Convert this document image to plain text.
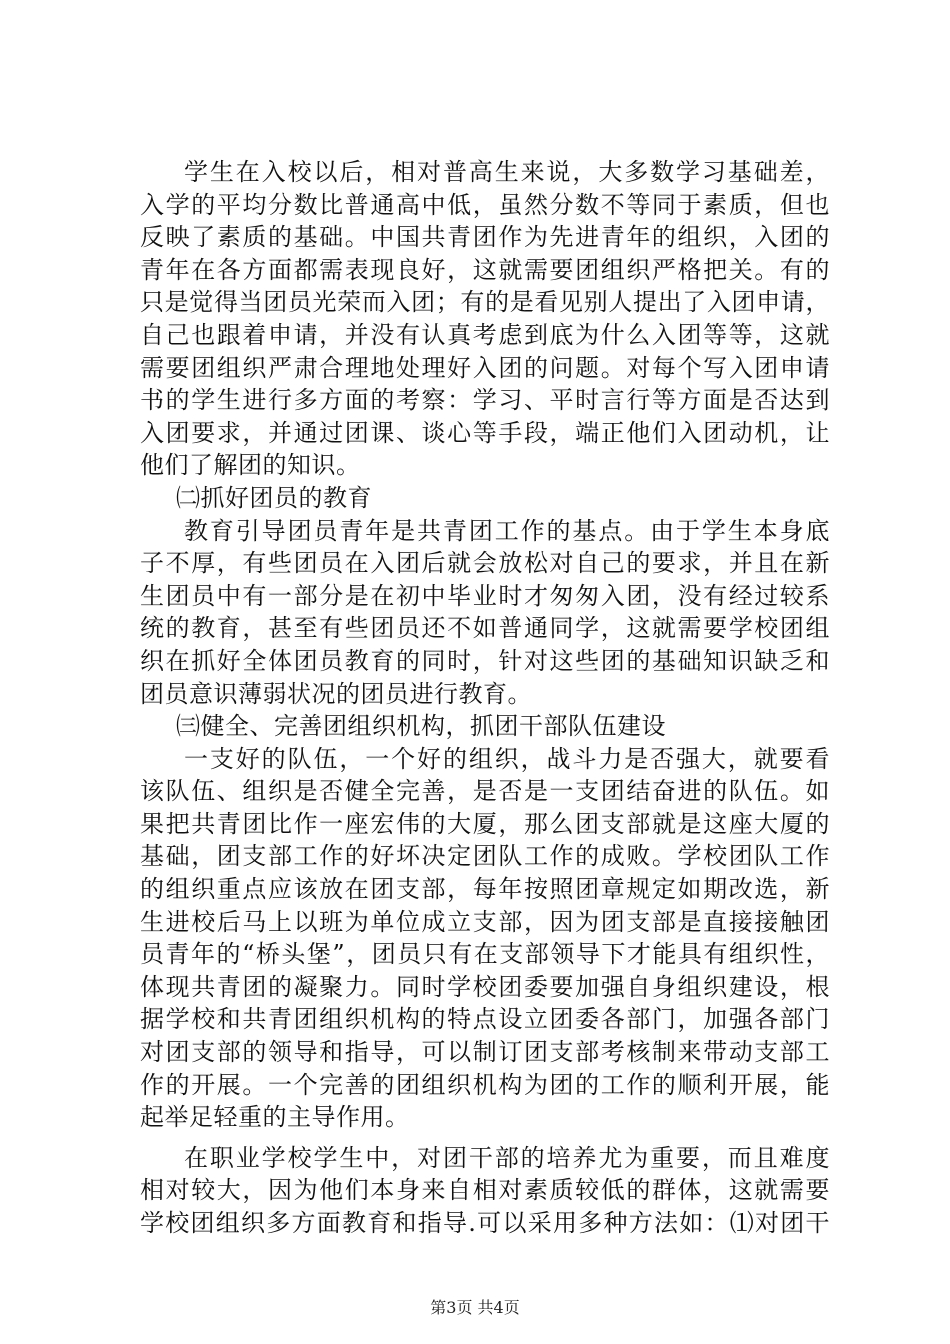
学生在入校以后，相对普高生来说，大多数学习基础差，
入学的平均分数比普通高中低，虽然分数不等同于素质，但也
反映了素质的基础。中国共青团作为先进青年的组织，入团的
青年在各方面都需表现良好，这就需要团组织严格把关。有的
只是觉得当团员光荣而入团；有的是看见别人提出了入团申请，
自己也跟着申请，并没有认真考虑到底为什么入团等等，这就
需要团组织严肃合理地处理好入团的问题。对每个写入团申请
书的学生进行多方面的考察：学习、平时言行等方面是否达到
入团要求，并通过团课、谈心等手段，端正他们入团动机，让
他们了解团的知识。
㈡抓好团员的教育
教育引导团员青年是共青团工作的基点。由于学生本身底
子不厚，有些团员在入团后就会放松对自己的要求，并且在新
生团员中有一部分是在初中毕业时才匆匆入团，没有经过较系
统的教育，甚至有些团员还不如普通同学，这就需要学校团组
织在抓好全体团员教育的同时，针对这些团的基础知识缺乏和
团员意识薄弱状况的团员进行教育。
㈢健全、完善团组织机构，抓团干部队伍建设
一支好的队伍，一个好的组织，战斗力是否强大，就要看
该队伍、组织是否健全完善，是否是一支团结奋进的队伍。如
果把共青团比作一座宏伟的大厦，那么团支部就是这座大厦的
基础，团支部工作的好坏决定团队工作的成败。学校团队工作
的组织重点应该放在团支部，每年按照团章规定如期改选，新
生进校后马上以班为单位成立支部，因为团支部是直接接触团
员青年的“桥头堡”，团员只有在支部领导下才能具有组织性，
体现共青团的凝聚力。同时学校团委要加强自身组织建设，根
据学校和共青团组织机构的特点设立团委各部门，加强各部门
对团支部的领导和指导，可以制订团支部考核制来带动支部工
作的开展。一个完善的团组织机构为团的工作的顺利开展，能
起举足轻重的主导作用。
在职业学校学生中，对团干部的培养尤为重要，而且难度
相对较大，因为他们本身来自相对素质较低的群体，这就需要
学校团组织多方面教育和指导.可以采用多种方法如：⑴对团干
第3页 共4页
